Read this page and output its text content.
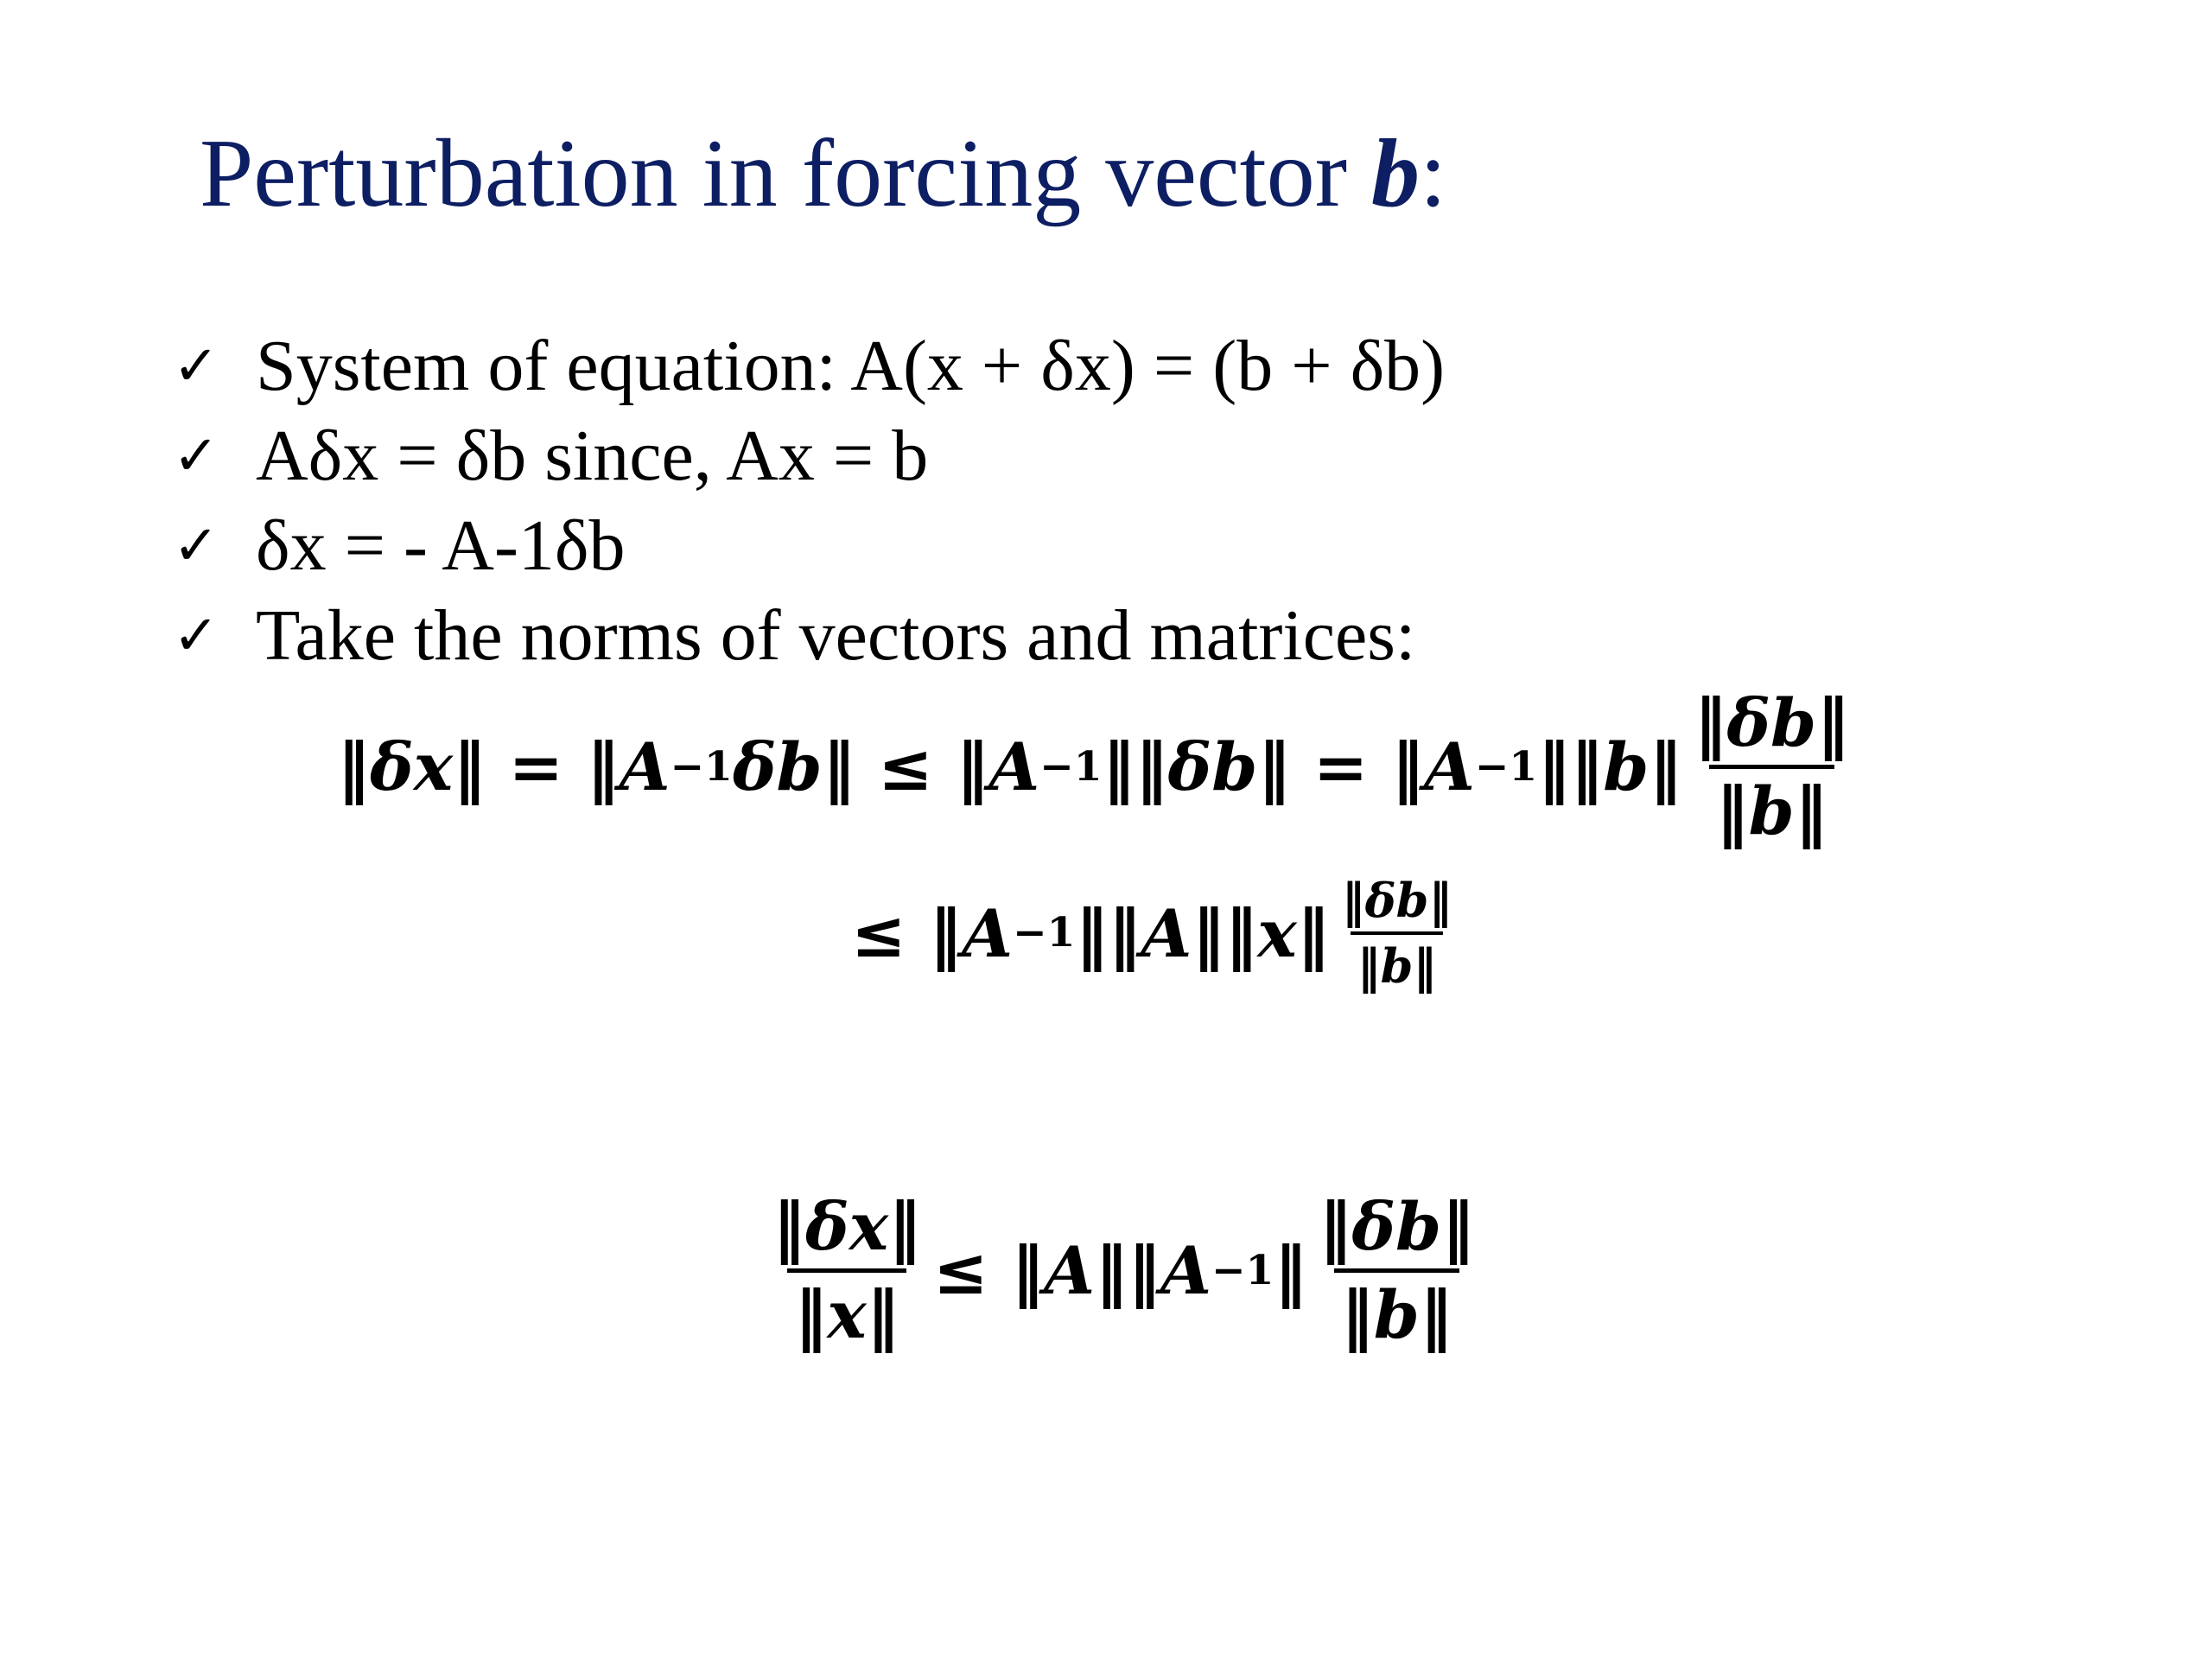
Perturbation in forcing vector b:
✓ System of equation: A(x + δx) = (b + δb)
✓ Aδx = δb since, Ax = b
✓ δx = - A-1δb
✓ Take the norms of vectors and matrices:
‖δx‖ = ‖A −1 δb‖ ≤ ‖A −1 ‖‖δb‖ = ‖A −1 ‖‖b‖ $\frac{‖\delta b‖}{‖b‖}$
≤ ‖A −1 ‖‖A‖‖x‖ $\frac{‖\delta b‖}{‖b‖}$
$\frac{‖\delta x‖}{‖x‖}$ ≤ ‖A‖‖A −1 ‖ $\frac{‖\delta b‖}{‖b‖}$
